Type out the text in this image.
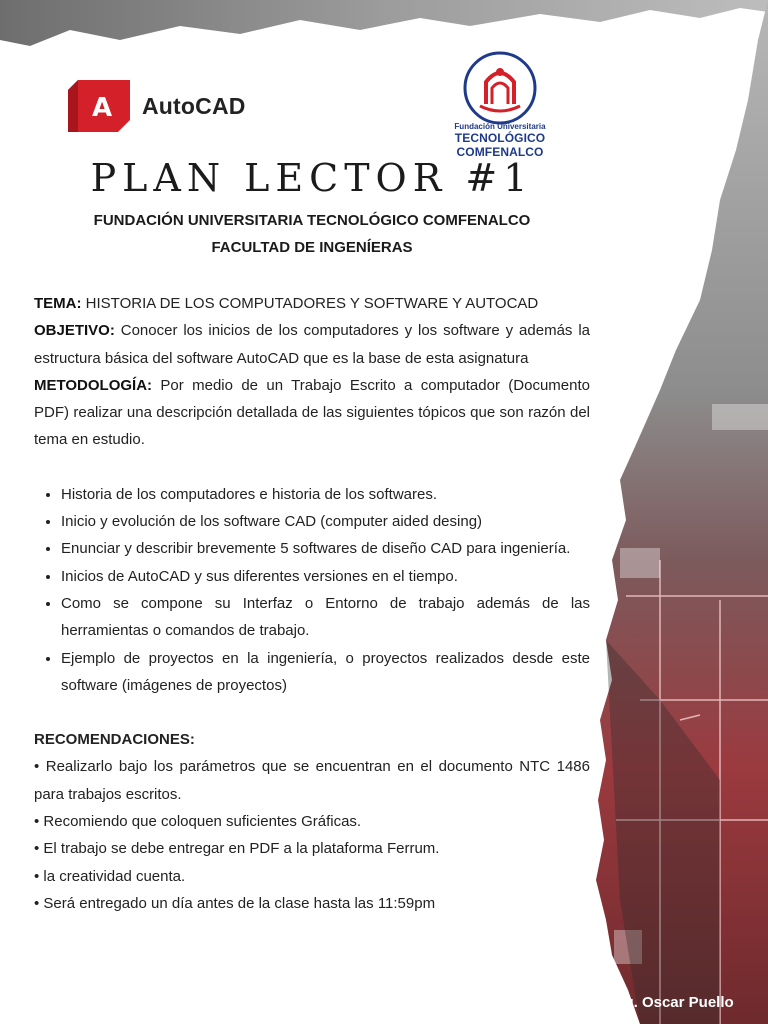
A AutoCAD
Fundación Universitaria
TECNOLÓGICO COMFENALCO
PLAN LECTOR #1
FUNDACIÓN UNIVERSITARIA TECNOLÓGICO COMFENALCO
FACULTAD DE INGENÍERAS

TEMA: HISTORIA DE LOS COMPUTADORES Y SOFTWARE Y AUTOCAD

OBJETIVO: Conocer los inicios de los computadores y los software y además la estructura básica del software AutoCAD que es la base de esta asignatura

METODOLOGÍA: Por medio de un Trabajo Escrito a computador (Documento PDF) realizar una descripción detallada de las siguientes tópicos que son razón del tema en estudio.

• Historia de los computadores e historia de los softwares.
• Inicio y evolución de los software CAD (computer aided desing)
• Enunciar y describir brevemente 5 softwares de diseño CAD para ingeniería.
• Inicios de AutoCAD y sus diferentes versiones en el tiempo.
• Como se compone su Interfaz o Entorno de trabajo además de las herramientas o comandos de trabajo.
• Ejemplo de proyectos en la ingeniería, o proyectos realizados desde este software (imágenes de proyectos)

RECOMENDACIONES:

• Realizarlo bajo los parámetros que se encuentran en el documento NTC 1486 para trabajos escritos.

• Recomiendo que coloquen suficientes Gráficas.

• El trabajo se debe entregar en PDF a la plataforma Ferrum.

• la creatividad cuenta.

• Será entregado un día antes de la clase hasta las 11:59pm

Docente: Arq. Oscar Puello
